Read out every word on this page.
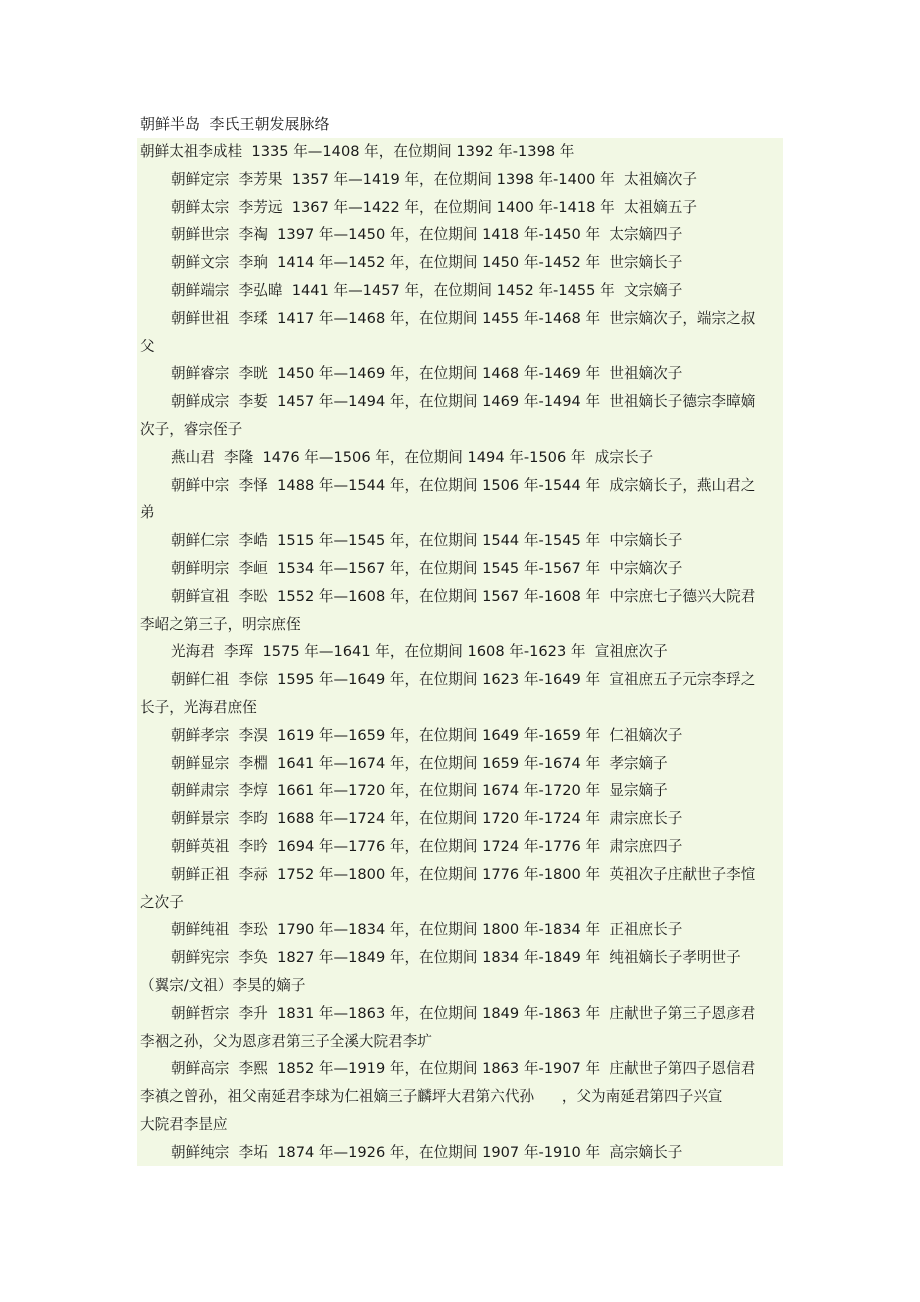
朝鲜半岛  李氏王朝发展脉络
朝鲜太祖李成桂  1335 年—1408 年，在位期间 1392 年-1398 年
朝鲜定宗  李芳果  1357 年—1419 年，在位期间 1398 年-1400 年  太祖嫡次子
朝鲜太宗  李芳远  1367 年—1422 年，在位期间 1400 年-1418 年  太祖嫡五子
朝鲜世宗  李祹  1397 年—1450 年，在位期间 1418 年-1450 年  太宗嫡四子
朝鲜文宗  李珦  1414 年—1452 年，在位期间 1450 年-1452 年  世宗嫡长子
朝鲜端宗  李弘暐  1441 年—1457 年，在位期间 1452 年-1455 年  文宗嫡子
朝鲜世祖  李瑈  1417 年—1468 年，在位期间 1455 年-1468 年  世宗嫡次子，端宗之叔
父
朝鲜睿宗  李晄  1450 年—1469 年，在位期间 1468 年-1469 年  世祖嫡次子
朝鲜成宗  李娎  1457 年—1494 年，在位期间 1469 年-1494 年  世祖嫡长子德宗李暲嫡
次子，睿宗侄子
燕山君  李隆  1476 年—1506 年，在位期间 1494 年-1506 年  成宗长子
朝鲜中宗  李怿  1488 年—1544 年，在位期间 1506 年-1544 年  成宗嫡长子，燕山君之
弟
朝鲜仁宗  李峼  1515 年—1545 年，在位期间 1544 年-1545 年  中宗嫡长子
朝鲜明宗  李峘  1534 年—1567 年，在位期间 1545 年-1567 年  中宗嫡次子
朝鲜宣祖  李昖  1552 年—1608 年，在位期间 1567 年-1608 年  中宗庶七子德兴大院君
李岹之第三子，明宗庶侄
光海君  李珲  1575 年—1641 年，在位期间 1608 年-1623 年  宣祖庶次子
朝鲜仁祖  李倧  1595 年—1649 年，在位期间 1623 年-1649 年  宣祖庶五子元宗李琈之
长子，光海君庶侄
朝鲜孝宗  李淏  1619 年—1659 年，在位期间 1649 年-1659 年  仁祖嫡次子
朝鲜显宗  李棩  1641 年—1674 年，在位期间 1659 年-1674 年  孝宗嫡子
朝鲜肃宗  李焞  1661 年—1720 年，在位期间 1674 年-1720 年  显宗嫡子
朝鲜景宗  李昀  1688 年—1724 年，在位期间 1720 年-1724 年  肃宗庶长子
朝鲜英祖  李昑  1694 年—1776 年，在位期间 1724 年-1776 年  肃宗庶四子
朝鲜正祖  李祘  1752 年—1800 年，在位期间 1776 年-1800 年  英祖次子庄献世子李愃
之次子
朝鲜纯祖  李玜  1790 年—1834 年，在位期间 1800 年-1834 年  正祖庶长子
朝鲜宪宗  李奂  1827 年—1849 年，在位期间 1834 年-1849 年  纯祖嫡长子孝明世子
（翼宗/文祖）李昊的嫡子
朝鲜哲宗  李升  1831 年—1863 年，在位期间 1849 年-1863 年  庄献世子第三子恩彦君
李裀之孙，父为恩彦君第三子全溪大院君李圹
朝鲜高宗  李熙  1852 年—1919 年，在位期间 1863 年-1907 年  庄献世子第四子恩信君
李禛之曾孙，祖父南延君李球为仁祖嫡三子麟坪大君第六代孙      ，父为南延君第四子兴宣
大院君李昰应
朝鲜纯宗  李坧  1874 年—1926 年，在位期间 1907 年-1910 年  高宗嫡长子
